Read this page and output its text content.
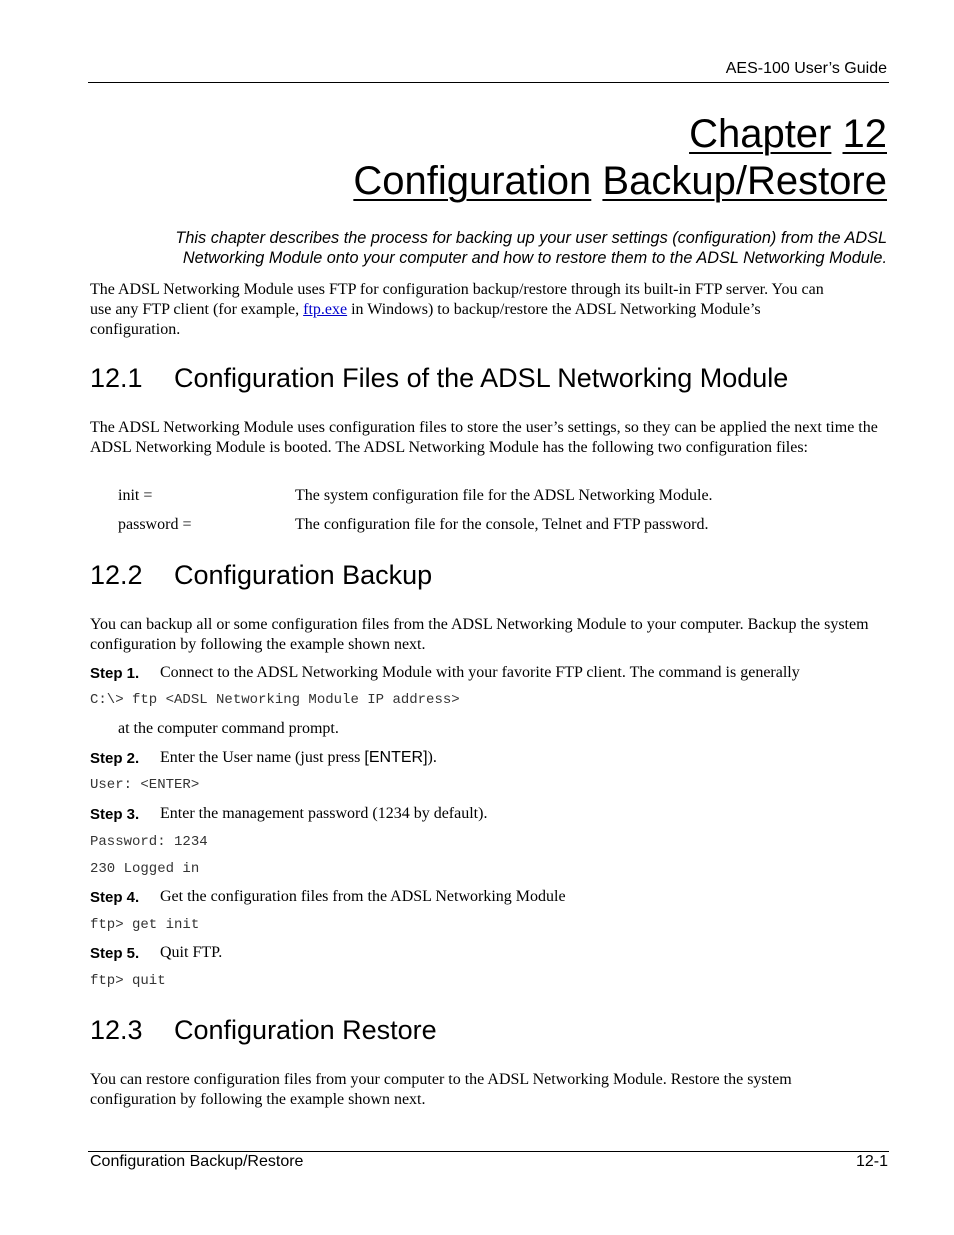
AES-100 User’s Guide
Chapter 12
Configuration Backup/Restore
This chapter describes the process for backing up your user settings (configuration) from the ADSL Networking Module onto your computer and how to restore them to the ADSL Networking Module.
The ADSL Networking Module uses FTP for configuration backup/restore through its built-in FTP server. You can
use any FTP client (for example, ftp.exe in Windows) to backup/restore the ADSL Networking Module’s
configuration.
12.1 Configuration Files of the ADSL Networking Module
The ADSL Networking Module uses configuration files to store the user’s settings, so they can be applied the next time the ADSL Networking Module is booted. The ADSL Networking Module has the following two configuration files:
init =	The system configuration file for the ADSL Networking Module.
password =	The configuration file for the console, Telnet and FTP password.
12.2 Configuration Backup
You can backup all or some configuration files from the ADSL Networking Module to your computer. Backup the system configuration by following the example shown next.
Step 1. Connect to the ADSL Networking Module with your favorite FTP client. The command is generally
C:\> ftp <ADSL Networking Module IP address>
at the computer command prompt.
Step 2. Enter the User name (just press [ENTER]).
User: <ENTER>
Step 3. Enter the management password (1234 by default).
Password: 1234
230 Logged in
Step 4. Get the configuration files from the ADSL Networking Module
ftp> get init
Step 5. Quit FTP.
ftp> quit
12.3 Configuration Restore
You can restore configuration files from your computer to the ADSL Networking Module. Restore the system configuration by following the example shown next.
Configuration Backup/Restore	12-1
